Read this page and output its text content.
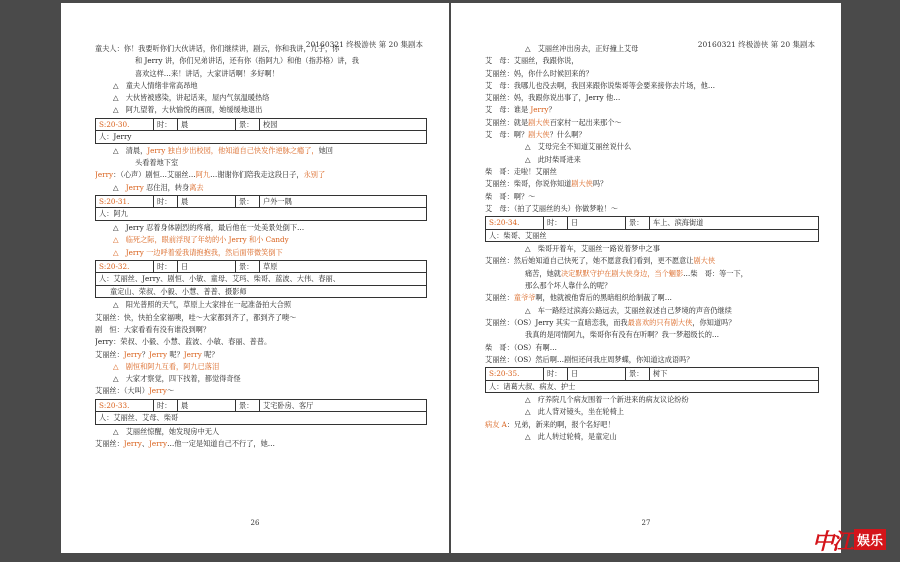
20160321 终极游侠 第 20 集剧本
童夫人：你！我要听你们大伙讲话，你们继续讲，剧云，你和我讲，儿子，你
和 Jerry 讲，你们兄弟讲话，还有你（指阿九）和他（指苏格）讲，我
喜欢这样…来！讲话，大家讲话啊！多好啊！
△　童夫人情绪非常高昂地
△　大伙皆被感染，讲起话来，屋内气氛温暖热络
△　阿九望着，大伙愉悦的画面，她缓缓地退出
S:20-30.	时：	晨	景：	校园
人：Jerry
△　清晨，Jerry 独自步出校园，他知道自己快发作逆脉之瘾了，她回
头看着地下室
Jerry：（心声）剧恒…艾丽丝…阿九…谢谢你们陪我走这段日子，永别了
△　Jerry 忍住泪，转身离去
S:20-31.	时：	晨	景：	户外一隅
人：阿九
△　Jerry 忍着身体剧烈的疼痛，最后他在一处美景处倒下…
△　临死之际，眼前浮现了年幼的小 Jerry 和小 Candy
△　Jerry 一边呼着爱我请抱抱我，然后面带微笑倒下
S:20-32.	时：	日	景：	草原
人：艾丽丝、Jerry、剧恒、小敏、童母、艾玛、柴哥、蓝波、大伟、春丽、
童定山、荣叔、小毅、小慧、普普、摄影师
△　阳光普照的天气，草原上大家排在一起准备拍大合照
艾丽丝：快，快拍全家福噢，哇～大家都到齐了，都到齐了噢～
剧　恒：大家看看有没有谁没到啊？
Jerry：荣叔、小毅、小慧、蓝波、小敏、春丽、普普。
艾丽丝：Jerry？Jerry 呢？Jerry 呢？
△　剧恒和阿九互看，阿九已落泪
△　大家才察觉，四下找着，都觉得奇怪
艾丽丝：（大叫）Jerry～
S:20-33.	时：	晨	景：	艾宅卧房、客厅
人：艾丽丝、艾母、柴哥
△　艾丽丝惊醒，她发现房中无人
艾丽丝：Jerry、Jerry…他一定是知道自己不行了，她…
26
20160321 终极游侠 第 20 集剧本
△　艾丽丝冲出房去，正好撞上艾母
艾　母：艾丽丝，我跟你说，
艾丽丝：妈，你什么时候回来的？
艾　母：我哪儿也没去啊，我回来跟你说柴哥等会要来接你去片场，他…
艾丽丝：妈，我跟你说出事了，Jerry 他…
艾　母：谁是 Jerry？
艾丽丝：就是剧大侠百家村一起出来那个～
艾　母：啊？剧大侠？什么啊？
△　艾母完全不知道艾丽丝说什么
△　此时柴哥进来
柴　哥：走啦！艾丽丝
艾丽丝：柴哥，你说你知道剧大侠吗？
柴　哥：啊？～
艾　母：（拍了艾丽丝的头）你做梦啦！～
S:20-34.	时：	日	景：	车上、滨海街道
人：柴哥、艾丽丝
△　柴哥开着车，艾丽丝一路说着梦中之事
艾丽丝：然后她知道自己快死了，她不愿意我们看到，更不愿意让剧大侠
痛苦，她就决定默默守护在剧大侠身边，当个魍影…柴　哥：等一下，
那么那个坏人靠什么的呢？
艾丽丝：童爷爷啊，他就被他背后的黑暗组织给制裁了啊…
△　车一路经过滨海公路远去，艾丽丝叙述自己梦境的声音仍继续
艾丽丝：（OS）Jerry 其实一直暗恋我，而我最喜欢的只有剧大侠，你知道吗？
我真的是同情阿九，柴哥你有没有在听啊？我一梦超级长的…
柴　哥：（OS）有啊…
艾丽丝：（OS）然后啊…剧恒还问我庄周梦蝶，你知道这成语吗？
S:20-35.	时：	日	景：	树下
人：诸葛大叔、病友、护士
△　疗养院几个病友围着一个新进来的病友议论纷纷
△　此人背对镜头，坐在轮椅上
病友 A：兄弟，新来的啊，报个名好吧！
△　此人转过轮椅，是童定山
27
中江 娱乐
